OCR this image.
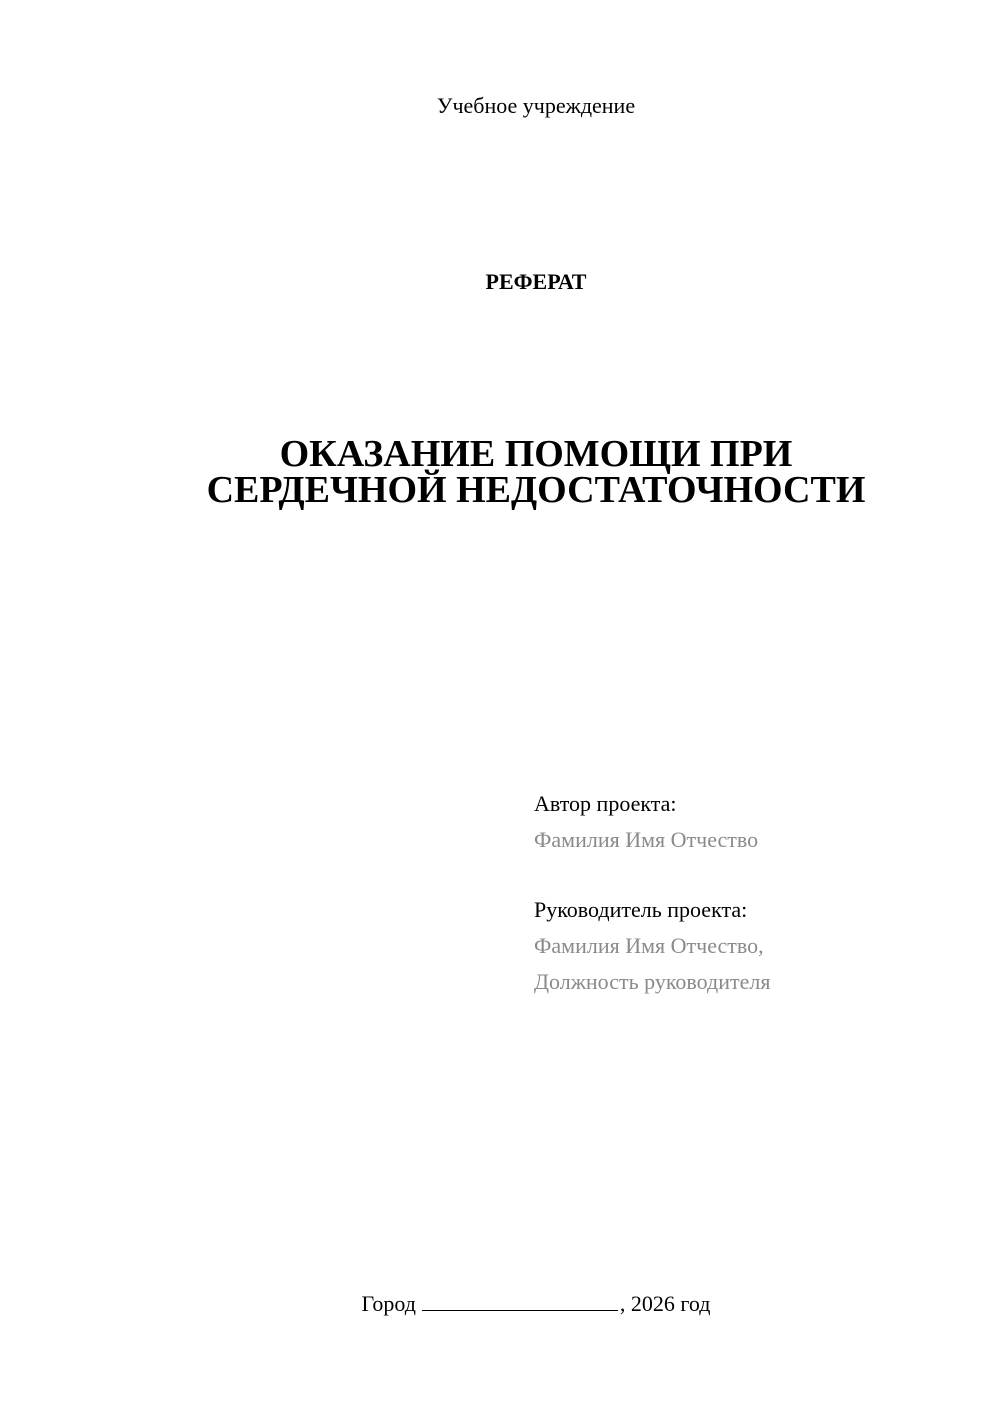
Учебное учреждение
РЕФЕРАТ
ОКАЗАНИЕ ПОМОЩИ ПРИ
СЕРДЕЧНОЙ НЕДОСТАТОЧНОСТИ
Автор проекта:
Фамилия Имя Отчество
Руководитель проекта:
Фамилия Имя Отчество,
Должность руководителя
Город	, 2026 год
